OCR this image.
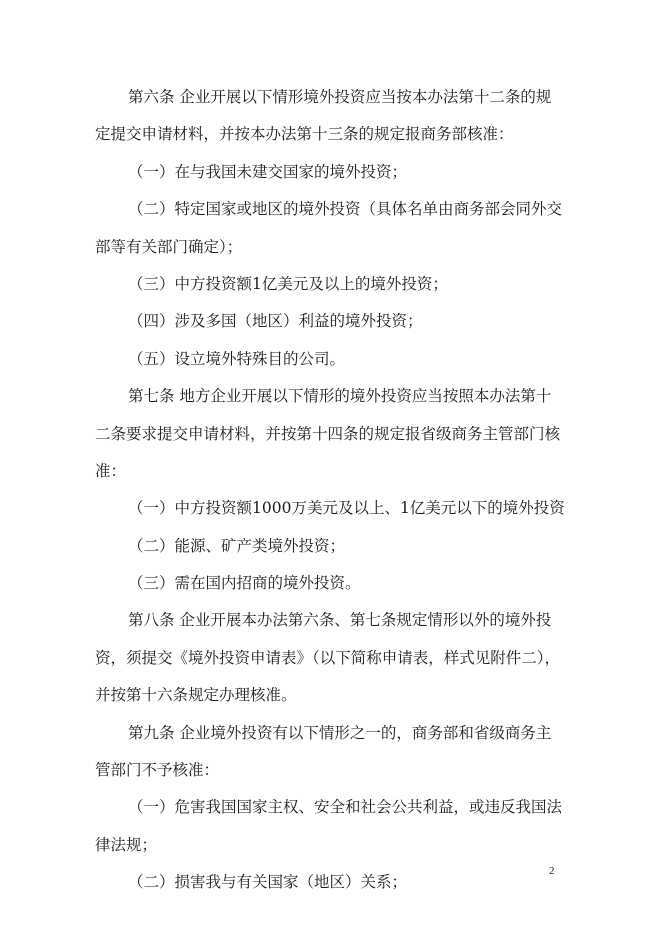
第六条 企业开展以下情形境外投资应当按本办法第十二条的规
定提交申请材料，并按本办法第十三条的规定报商务部核准：
（一）在与我国未建交国家的境外投资；
（二）特定国家或地区的境外投资（具体名单由商务部会同外交
部等有关部门确定）；
（三）中方投资额1亿美元及以上的境外投资；
（四）涉及多国（地区）利益的境外投资；
（五）设立境外特殊目的公司。
第七条 地方企业开展以下情形的境外投资应当按照本办法第十
二条要求提交申请材料，并按第十四条的规定报省级商务主管部门核
准：
（一）中方投资额1000万美元及以上、1亿美元以下的境外投资
（二）能源、矿产类境外投资；
（三）需在国内招商的境外投资。
第八条 企业开展本办法第六条、第七条规定情形以外的境外投
资，须提交《境外投资申请表》（以下简称申请表，样式见附件二），
并按第十六条规定办理核准。
第九条 企业境外投资有以下情形之一的，商务部和省级商务主
管部门不予核准：
（一）危害我国国家主权、安全和社会公共利益，或违反我国法
律法规；
（二）损害我与有关国家（地区）关系；
2
